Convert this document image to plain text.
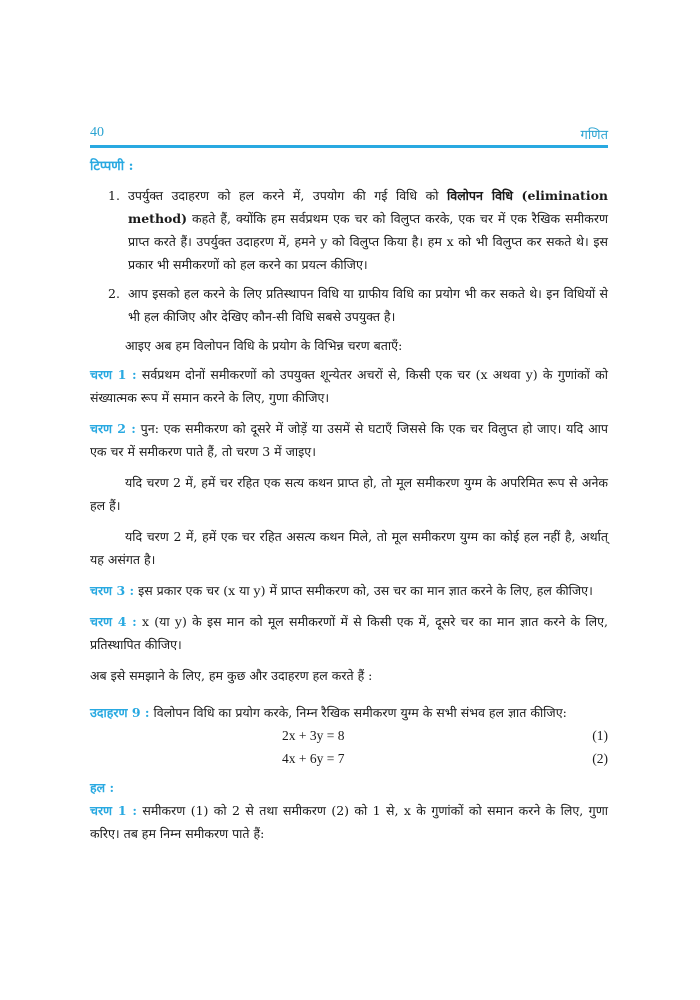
40	गणित

टिप्पणी :

1. उपर्युक्त उदाहरण को हल करने में, उपयोग की गई विधि को विलोपन विधि (elimination method) कहते हैं, क्योंकि हम सर्वप्रथम एक चर को विलुप्त करके, एक चर में एक रैखिक समीकरण प्राप्त करते हैं। उपर्युक्त उदाहरण में, हमने y को विलुप्त किया है। हम x को भी विलुप्त कर सकते थे। इस प्रकार भी समीकरणों को हल करने का प्रयत्न कीजिए।

2. आप इसको हल करने के लिए प्रतिस्थापन विधि या ग्राफीय विधि का प्रयोग भी कर सकते थे। इन विधियों से भी हल कीजिए और देखिए कौन-सी विधि सबसे उपयुक्त है।

आइए अब हम विलोपन विधि के प्रयोग के विभिन्न चरण बताएँ:

चरण 1 : सर्वप्रथम दोनों समीकरणों को उपयुक्त शून्येतर अचरों से, किसी एक चर (x अथवा y) के गुणांकों को संख्यात्मक रूप में समान करने के लिए, गुणा कीजिए।

चरण 2 : पुन: एक समीकरण को दूसरे में जोड़ें या उसमें से घटाएँ जिससे कि एक चर विलुप्त हो जाए। यदि आप एक चर में समीकरण पाते हैं, तो चरण 3 में जाइए।

यदि चरण 2 में, हमें चर रहित एक सत्य कथन प्राप्त हो, तो मूल समीकरण युग्म के अपरिमित रूप से अनेक हल हैं।

यदि चरण 2 में, हमें एक चर रहित असत्य कथन मिले, तो मूल समीकरण युग्म का कोई हल नहीं है, अर्थात् यह असंगत है।

चरण 3 : इस प्रकार एक चर (x या y) में प्राप्त समीकरण को, उस चर का मान ज्ञात करने के लिए, हल कीजिए।

चरण 4 : x (या y) के इस मान को मूल समीकरणों में से किसी एक में, दूसरे चर का मान ज्ञात करने के लिए, प्रतिस्थापित कीजिए।

अब इसे समझाने के लिए, हम कुछ और उदाहरण हल करते हैं :

उदाहरण 9 : विलोपन विधि का प्रयोग करके, निम्न रैखिक समीकरण युग्म के सभी संभव हल ज्ञात कीजिए:

2x + 3y = 8	(1)
4x + 6y = 7	(2)

हल :

चरण 1 : समीकरण (1) को 2 से तथा समीकरण (2) को 1 से, x के गुणांकों को समान करने के लिए, गुणा करिए। तब हम निम्न समीकरण पाते हैं:
